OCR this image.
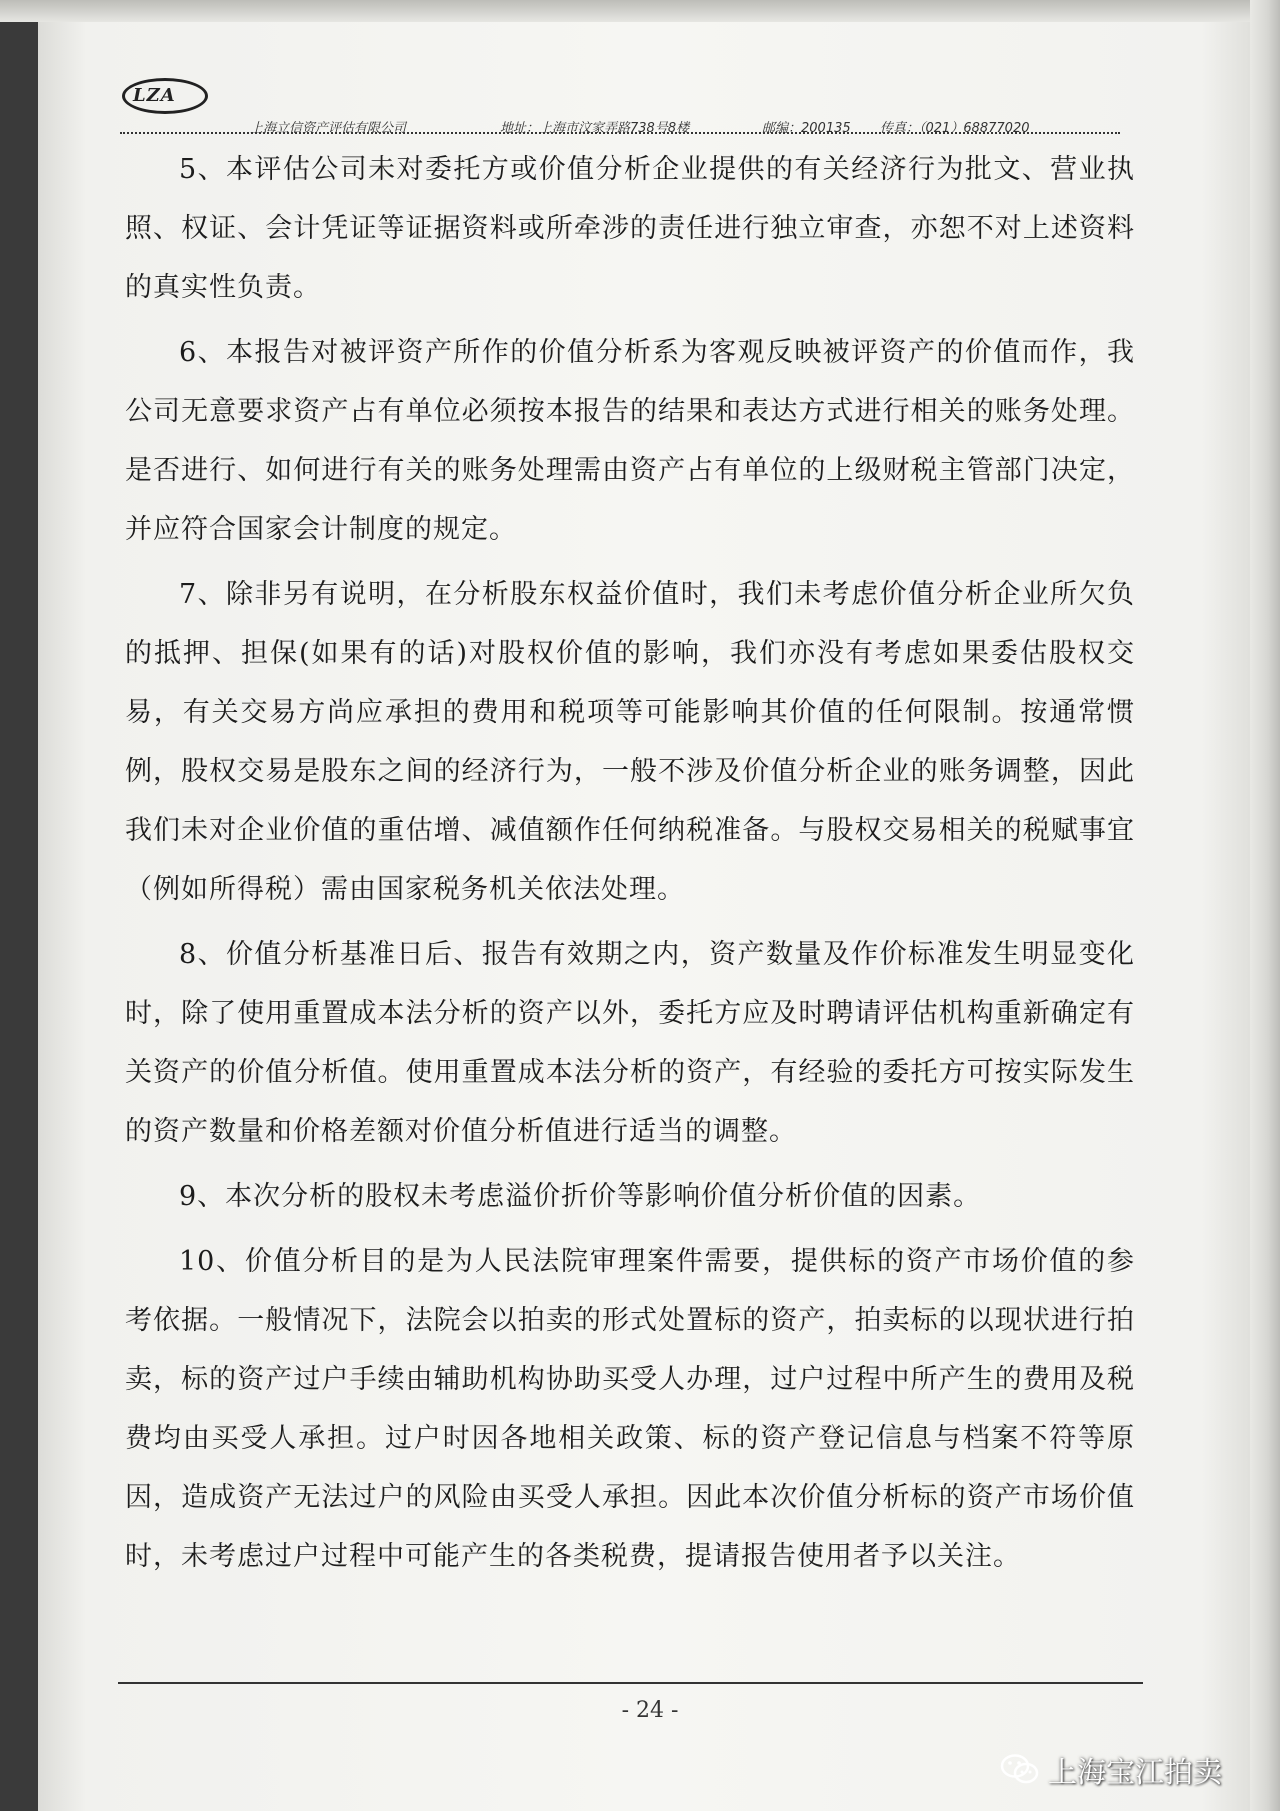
LZA
上海立信资产评估有限公司	地址：上海市汶家弄路738号8楼	邮编：200135 传真：（021）68877020

5、本评估公司未对委托方或价值分析企业提供的有关经济行为批文、营业执照、权证、会计凭证等证据资料或所牵涉的责任进行独立审查，亦恕不对上述资料的真实性负责。

6、本报告对被评资产所作的价值分析系为客观反映被评资产的价值而作，我公司无意要求资产占有单位必须按本报告的结果和表达方式进行相关的账务处理。是否进行、如何进行有关的账务处理需由资产占有单位的上级财税主管部门决定，并应符合国家会计制度的规定。

7、除非另有说明，在分析股东权益价值时，我们未考虑价值分析企业所欠负的抵押、担保(如果有的话)对股权价值的影响，我们亦没有考虑如果委估股权交易，有关交易方尚应承担的费用和税项等可能影响其价值的任何限制。按通常惯例，股权交易是股东之间的经济行为，一般不涉及价值分析企业的账务调整，因此我们未对企业价值的重估增、减值额作任何纳税准备。与股权交易相关的税赋事宜（例如所得税）需由国家税务机关依法处理。

8、价值分析基准日后、报告有效期之内，资产数量及作价标准发生明显变化时，除了使用重置成本法分析的资产以外，委托方应及时聘请评估机构重新确定有关资产的价值分析值。使用重置成本法分析的资产，有经验的委托方可按实际发生的资产数量和价格差额对价值分析值进行适当的调整。

9、本次分析的股权未考虑溢价折价等影响价值分析价值的因素。

10、价值分析目的是为人民法院审理案件需要，提供标的资产市场价值的参考依据。一般情况下，法院会以拍卖的形式处置标的资产，拍卖标的以现状进行拍卖，标的资产过户手续由辅助机构协助买受人办理，过户过程中所产生的费用及税费均由买受人承担。过户时因各地相关政策、标的资产登记信息与档案不符等原因，造成资产无法过户的风险由买受人承担。因此本次价值分析标的资产市场价值时，未考虑过户过程中可能产生的各类税费，提请报告使用者予以关注。

- 24 -
上海宝江拍卖
